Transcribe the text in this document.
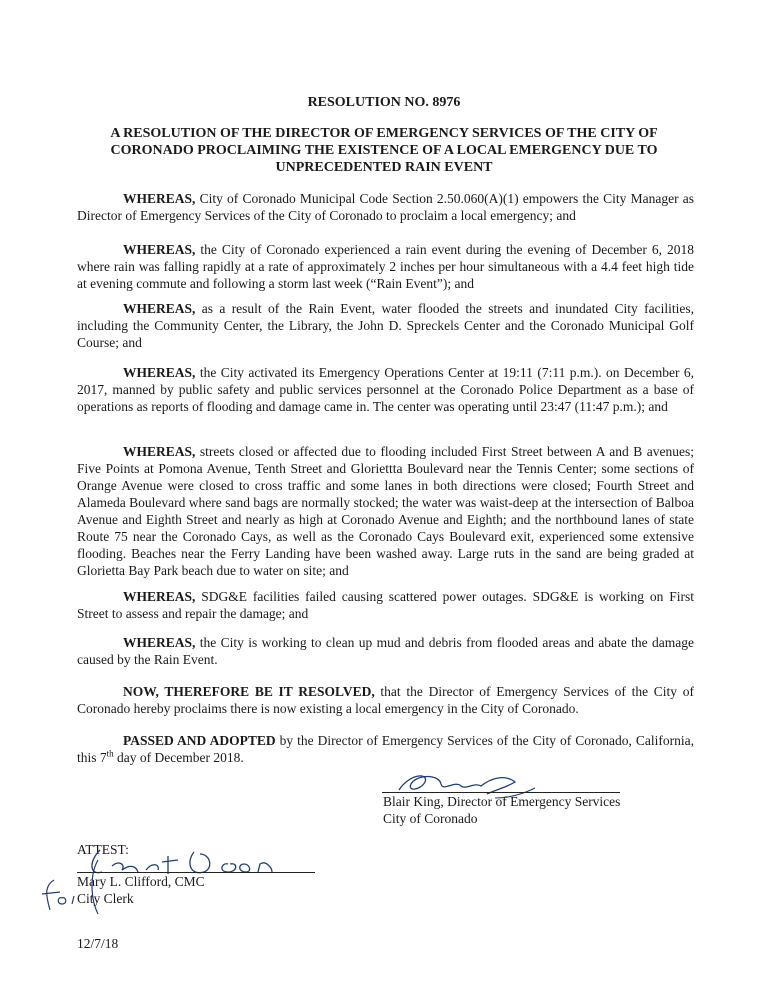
RESOLUTION NO. 8976
A RESOLUTION OF THE DIRECTOR OF EMERGENCY SERVICES OF THE CITY OF CORONADO PROCLAIMING THE EXISTENCE OF A LOCAL EMERGENCY DUE TO UNPRECEDENTED RAIN EVENT
WHEREAS, City of Coronado Municipal Code Section 2.50.060(A)(1) empowers the City Manager as Director of Emergency Services of the City of Coronado to proclaim a local emergency; and
WHEREAS, the City of Coronado experienced a rain event during the evening of December 6, 2018 where rain was falling rapidly at a rate of approximately 2 inches per hour simultaneous with a 4.4 feet high tide at evening commute and following a storm last week (“Rain Event”); and
WHEREAS, as a result of the Rain Event, water flooded the streets and inundated City facilities, including the Community Center, the Library, the John D. Spreckels Center and the Coronado Municipal Golf Course; and
WHEREAS, the City activated its Emergency Operations Center at 19:11 (7:11 p.m.). on December 6, 2017, manned by public safety and public services personnel at the Coronado Police Department as a base of operations as reports of flooding and damage came in. The center was operating until 23:47 (11:47 p.m.); and
WHEREAS, streets closed or affected due to flooding included First Street between A and B avenues; Five Points at Pomona Avenue, Tenth Street and Gloriettta Boulevard near the Tennis Center; some sections of Orange Avenue were closed to cross traffic and some lanes in both directions were closed; Fourth Street and Alameda Boulevard where sand bags are normally stocked; the water was waist-deep at the intersection of Balboa Avenue and Eighth Street and nearly as high at Coronado Avenue and Eighth; and the northbound lanes of state Route 75 near the Coronado Cays, as well as the Coronado Cays Boulevard exit, experienced some extensive flooding. Beaches near the Ferry Landing have been washed away. Large ruts in the sand are being graded at Glorietta Bay Park beach due to water on site; and
WHEREAS, SDG&E facilities failed causing scattered power outages. SDG&E is working on First Street to assess and repair the damage; and
WHEREAS, the City is working to clean up mud and debris from flooded areas and abate the damage caused by the Rain Event.
NOW, THEREFORE BE IT RESOLVED, that the Director of Emergency Services of the City of Coronado hereby proclaims there is now existing a local emergency in the City of Coronado.
PASSED AND ADOPTED by the Director of Emergency Services of the City of Coronado, California, this 7th day of December 2018.
Blair King, Director of Emergency Services
City of Coronado
ATTEST:
Mary L. Clifford, CMC
City Clerk
12/7/18
